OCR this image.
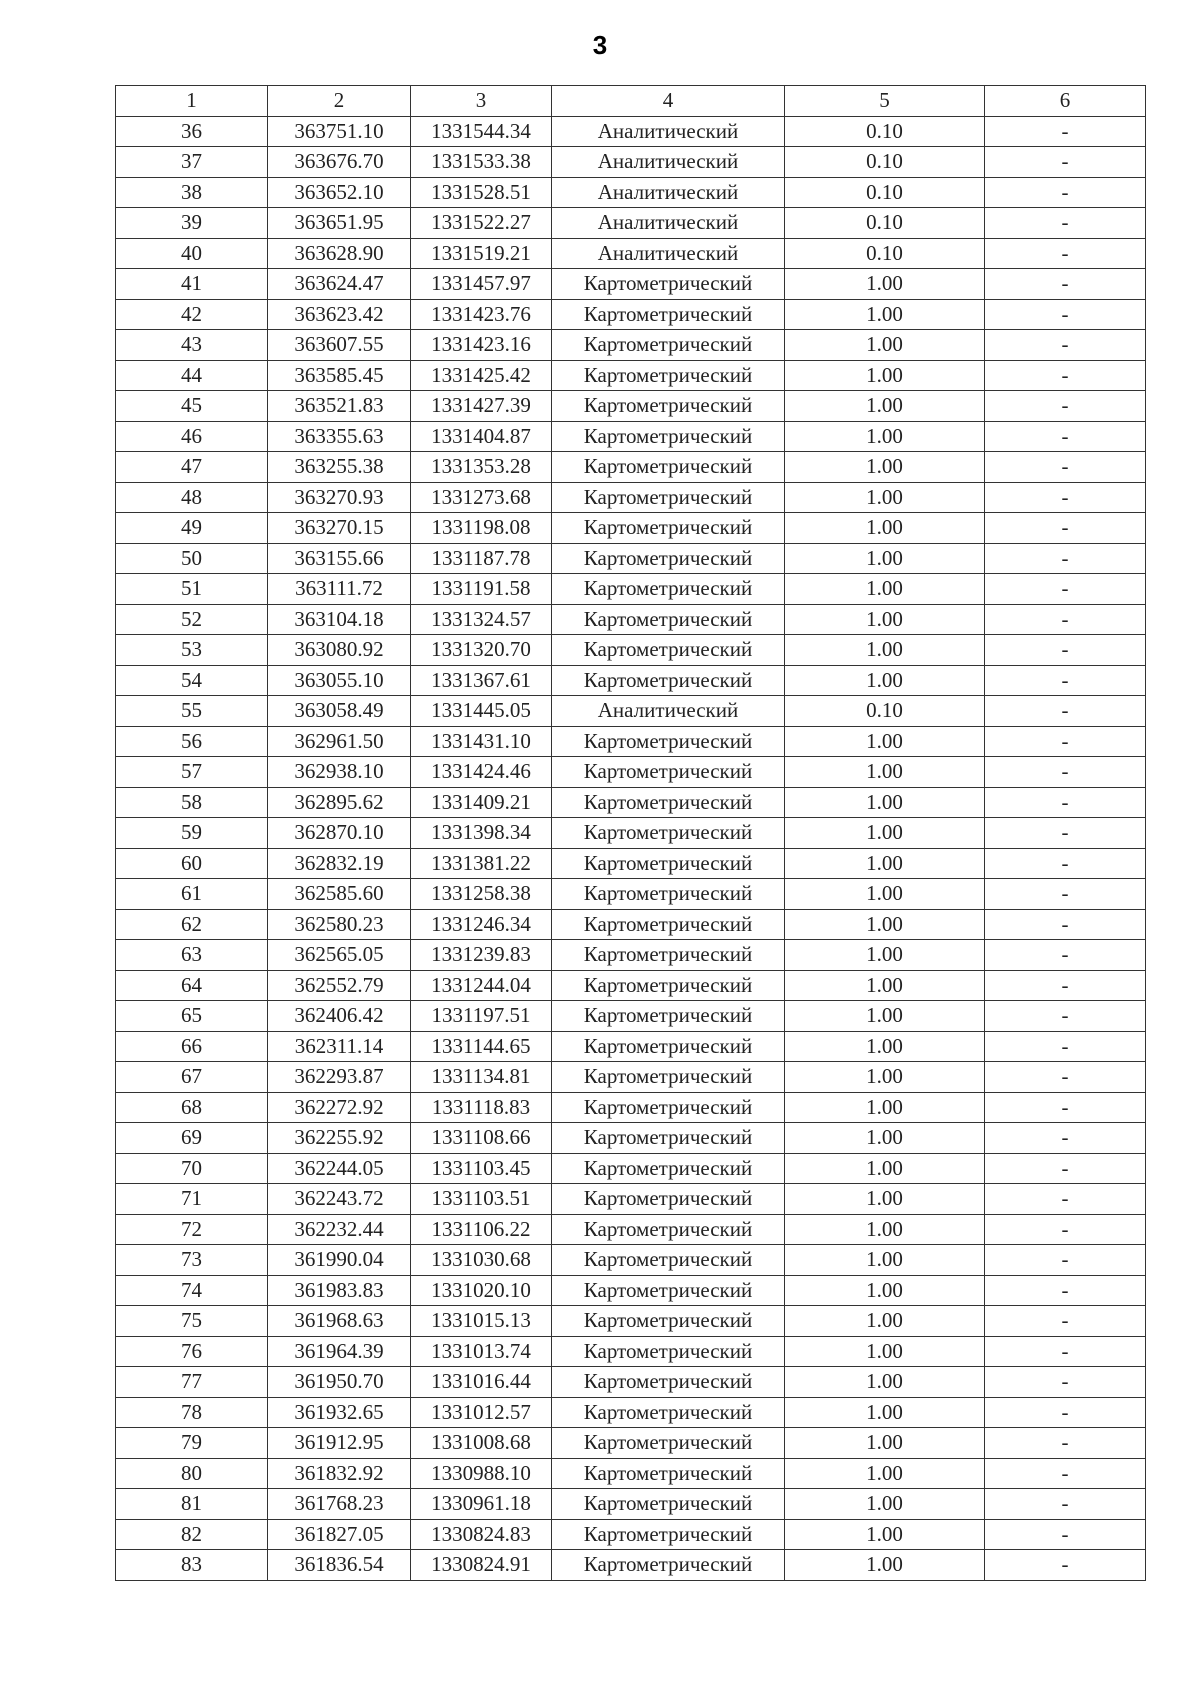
3
1	2	3	4	5	6
36	363751.10	1331544.34	Аналитический	0.10	-
37	363676.70	1331533.38	Аналитический	0.10	-
38	363652.10	1331528.51	Аналитический	0.10	-
39	363651.95	1331522.27	Аналитический	0.10	-
40	363628.90	1331519.21	Аналитический	0.10	-
41	363624.47	1331457.97	Картометрический	1.00	-
42	363623.42	1331423.76	Картометрический	1.00	-
43	363607.55	1331423.16	Картометрический	1.00	-
44	363585.45	1331425.42	Картометрический	1.00	-
45	363521.83	1331427.39	Картометрический	1.00	-
46	363355.63	1331404.87	Картометрический	1.00	-
47	363255.38	1331353.28	Картометрический	1.00	-
48	363270.93	1331273.68	Картометрический	1.00	-
49	363270.15	1331198.08	Картометрический	1.00	-
50	363155.66	1331187.78	Картометрический	1.00	-
51	363111.72	1331191.58	Картометрический	1.00	-
52	363104.18	1331324.57	Картометрический	1.00	-
53	363080.92	1331320.70	Картометрический	1.00	-
54	363055.10	1331367.61	Картометрический	1.00	-
55	363058.49	1331445.05	Аналитический	0.10	-
56	362961.50	1331431.10	Картометрический	1.00	-
57	362938.10	1331424.46	Картометрический	1.00	-
58	362895.62	1331409.21	Картометрический	1.00	-
59	362870.10	1331398.34	Картометрический	1.00	-
60	362832.19	1331381.22	Картометрический	1.00	-
61	362585.60	1331258.38	Картометрический	1.00	-
62	362580.23	1331246.34	Картометрический	1.00	-
63	362565.05	1331239.83	Картометрический	1.00	-
64	362552.79	1331244.04	Картометрический	1.00	-
65	362406.42	1331197.51	Картометрический	1.00	-
66	362311.14	1331144.65	Картометрический	1.00	-
67	362293.87	1331134.81	Картометрический	1.00	-
68	362272.92	1331118.83	Картометрический	1.00	-
69	362255.92	1331108.66	Картометрический	1.00	-
70	362244.05	1331103.45	Картометрический	1.00	-
71	362243.72	1331103.51	Картометрический	1.00	-
72	362232.44	1331106.22	Картометрический	1.00	-
73	361990.04	1331030.68	Картометрический	1.00	-
74	361983.83	1331020.10	Картометрический	1.00	-
75	361968.63	1331015.13	Картометрический	1.00	-
76	361964.39	1331013.74	Картометрический	1.00	-
77	361950.70	1331016.44	Картометрический	1.00	-
78	361932.65	1331012.57	Картометрический	1.00	-
79	361912.95	1331008.68	Картометрический	1.00	-
80	361832.92	1330988.10	Картометрический	1.00	-
81	361768.23	1330961.18	Картометрический	1.00	-
82	361827.05	1330824.83	Картометрический	1.00	-
83	361836.54	1330824.91	Картометрический	1.00	-
